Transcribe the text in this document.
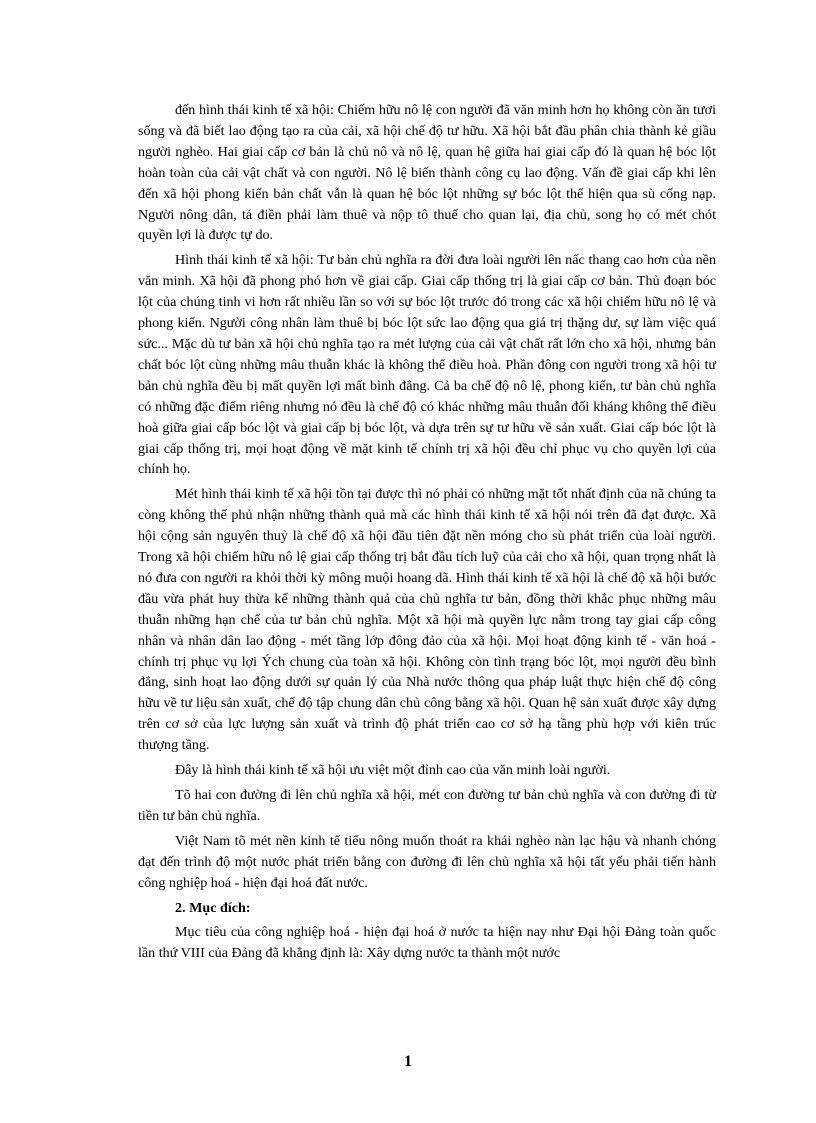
đến hình thái kinh tế xã hội: Chiếm hữu nô lệ con người đã văn minh hơn họ không còn ăn tươi sống và đã biết lao động tạo ra của cải, xã hội chế độ tư hữu. Xã hội bắt đầu phân chia thành kẻ giầu người nghèo. Hai giai cấp cơ bản là chủ nô và nô lệ, quan hệ giữa hai giai cấp đó là quan hệ bóc lột hoàn toàn của cải vật chất và con người. Nô lệ biến thành công cụ lao động. Vấn đề giai cấp khi lên đến xã hội phong kiến bản chất vẫn là quan hệ bóc lột những sự bóc lột thể hiện qua sù cống nạp. Người nông dân, tá điền phải làm thuê và nộp tô thuế cho quan lại, địa chủ, song họ có mét chót quyền lợi là được tự do.

Hình thái kinh tế xã hội: Tư bản chủ nghĩa ra đời đưa loài người lên nấc thang cao hơn của nền văn minh. Xã hội đã phong phó hơn về giai cấp. Giai cấp thống trị là giai cấp cơ bản. Thủ đoạn bóc lột của chúng tinh vi hơn rất nhiều lần so với sự bóc lột trước đó trong các xã hội chiếm hữu nô lệ và phong kiến. Người công nhân làm thuê bị bóc lột sức lao động qua giá trị thặng dư, sự làm việc quá sức... Mặc dù tư bản xã hội chủ nghĩa tạo ra mét lượng của cải vật chất rất lớn cho xã hội, nhưng bản chất bóc lột cùng những mâu thuẫn khác là không thể điều hoà. Phần đông con người trong xã hội tư bản chủ nghĩa đều bị mất quyền lợi mất bình đẳng. Cả ba chế độ nô lệ, phong kiến, tư bản chủ nghĩa có những đặc điểm riêng nhưng nó đều là chế độ có khác những mâu thuẫn đối kháng không thể điều hoà giữa giai cấp bóc lột và giai cấp bị bóc lột, và dựa trên sự tư hữu về sản xuất. Giai cấp bóc lột là giai cấp thống trị, mọi hoạt động về mặt kinh tế chính trị xã hội đều chỉ phục vụ cho quyền lợi của chính họ.

Mét hình thái kinh tế xã hội tồn tại được thì nó phải có những mặt tốt nhất định của nã chúng ta còng không thể phủ nhận những thành quả mà các hình thái kinh tế xã hội nói trên đã đạt được. Xã hội cộng sản nguyên thuỷ là chế độ xã hội đầu tiên đặt nền móng cho sù phát triển của loài người. Trong xã hội chiếm hữu nô lệ giai cấp thống trị bắt đầu tích luỹ của cải cho xã hội, quan trọng nhất là nó đưa con người ra khỏi thời kỳ mông muội hoang dã. Hình thái kinh tế xã hội là chế độ xã hội bước đầu vừa phát huy thừa kế những thành quả của chủ nghĩa tư bản, đồng thời khắc phục những mâu thuẫn những hạn chế của tư bản chủ nghĩa. Một xã hội mà quyền lực nằm trong tay giai cấp công nhân và nhân dân lao động - mét tầng lớp đông đảo của xã hội. Mọi hoạt động kinh tế - văn hoá - chính trị phục vụ lợi Ých chung của toàn xã hội. Không còn tình trạng bóc lột, mọi người đều bình đẳng, sinh hoạt lao động dưới sự quản lý của Nhà nước thông qua pháp luật thực hiện chế độ công hữu về tư liệu sản xuất, chế độ tập chung dân chủ công bằng xã hội. Quan hệ sản xuất được xây dựng trên cơ sở của lực lượng sản xuất và trình độ phát triển cao cơ sở hạ tầng phù hợp với kiên trúc thượng tầng.

Đây là hình thái kinh tế xã hội ưu việt một đỉnh cao của văn minh loài người.

Tõ hai con đường đi lên chủ nghĩa xã hội, mét con đường tư bản chủ nghĩa và con đường đi từ tiền tư bản chủ nghĩa.

Việt Nam tõ mét nền kinh tế tiểu nông muốn thoát ra khái nghèo nàn lạc hậu và nhanh chóng đạt đến trình độ một nước phát triển bằng con đường đi lên chủ nghĩa xã hội tất yếu phải tiến hành công nghiệp hoá - hiện đại hoá đất nước.

2. Mục đích:

Mục tiêu của công nghiệp hoá - hiện đại hoá ở nước ta hiện nay như Đại hội Đảng toàn quốc lần thứ VIII của Đảng đã khẳng định là: Xây dựng nước ta thành một nước

1
